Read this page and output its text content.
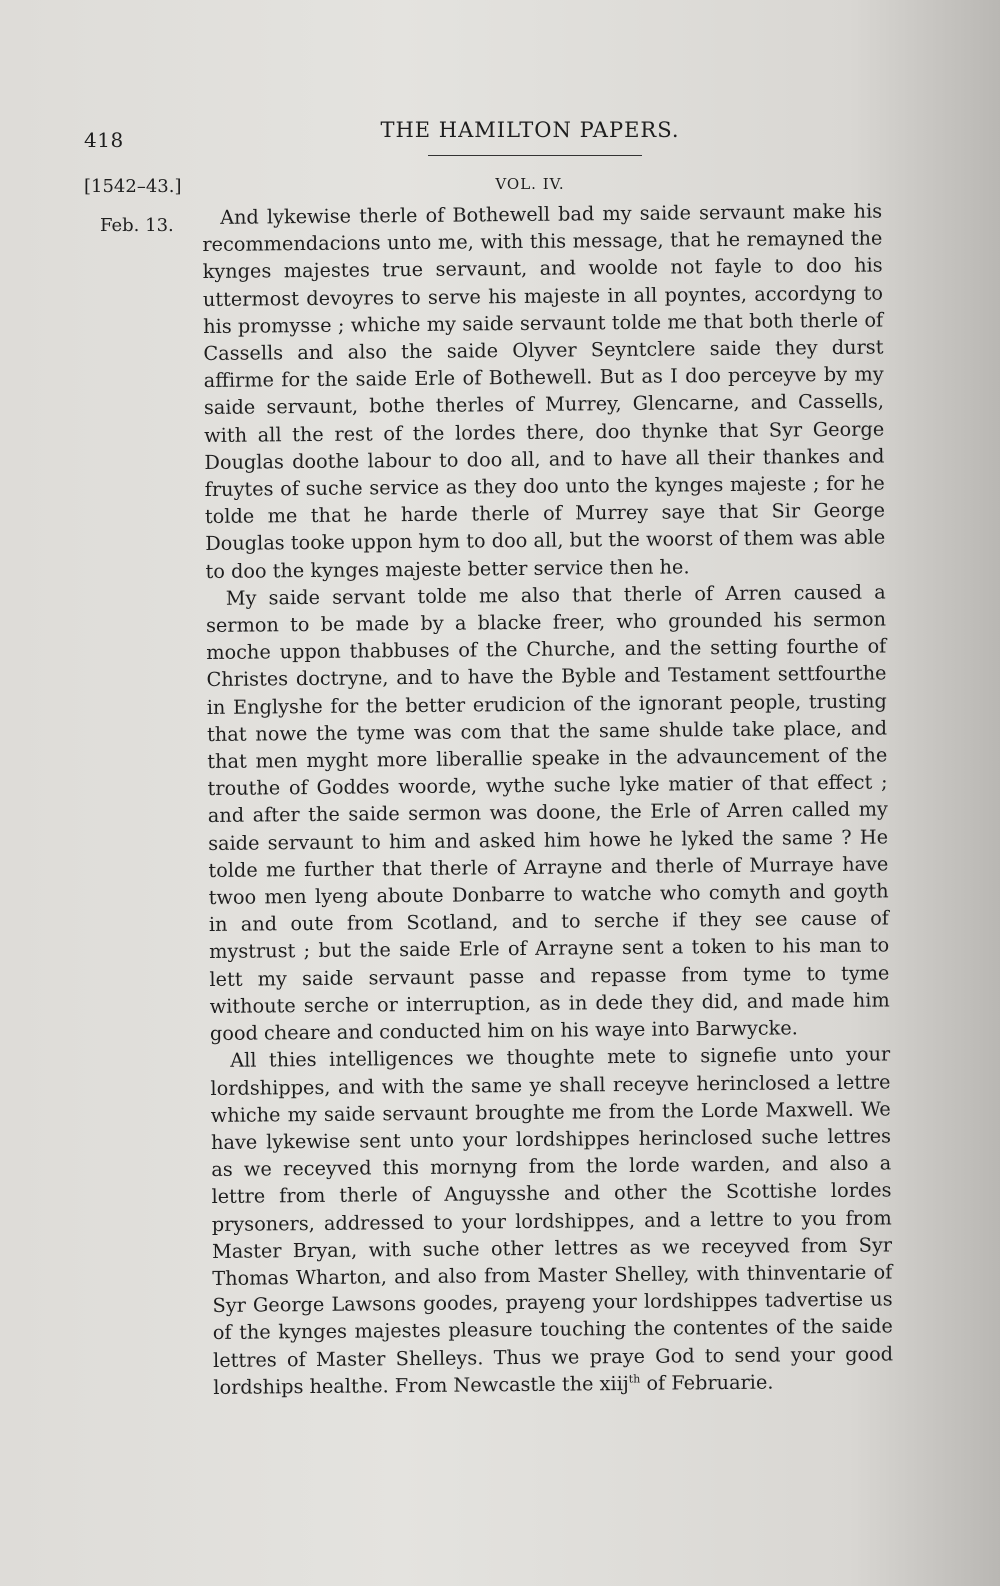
418	THE HAMILTON PAPERS.
VOL. IV.
[1542–43.]
Feb. 13.	And lykewise therle of Bothewell bad my saide servaunt make his recommendacions unto me, with this message, that he remayned the kynges majestes true servaunt, and woolde not fayle to doo his uttermost devoyres to serve his majeste in all poyntes, accordyng to his promysse ; whiche my saide servaunt tolde me that both therle of Cassells and also the saide Olyver Seyntclere saide they durst affirme for the saide Erle of Bothewell. But as I doo perceyve by my saide servaunt, bothe therles of Murrey, Glencarne, and Cassells, with all the rest of the lordes there, doo thynke that Syr George Douglas doothe labour to doo all, and to have all their thankes and fruytes of suche service as they doo unto the kynges majeste ; for he tolde me that he harde therle of Murrey saye that Sir George Douglas tooke uppon hym to doo all, but the woorst of them was able to doo the kynges majeste better service then he.

My saide servant tolde me also that therle of Arren caused a sermon to be made by a blacke freer, who grounded his sermon moche uppon thabbuses of the Churche, and the setting fourthe of Christes doctryne, and to have the Byble and Testament settfourthe in Englyshe for the better erudicion of the ignorant people, trusting that nowe the tyme was com that the same shulde take place, and that men myght more liberallie speake in the advauncement of the trouthe of Goddes woorde, wythe suche lyke matier of that effect ; and after the saide sermon was doone, the Erle of Arren called my saide servaunt to him and asked him howe he lyked the same ? He tolde me further that therle of Arrayne and therle of Murraye have twoo men lyeng aboute Donbarre to watche who comyth and goyth in and oute from Scotland, and to serche if they see cause of mystrust ; but the saide Erle of Arrayne sent a token to his man to lett my saide servaunt passe and repasse from tyme to tyme withoute serche or interruption, as in dede they did, and made him good cheare and conducted him on his waye into Barwycke.

All thies intelligences we thoughte mete to signefie unto your lordshippes, and with the same ye shall receyve herinclosed a lettre whiche my saide servaunt broughte me from the Lorde Maxwell. We have lykewise sent unto your lordshippes herinclosed suche lettres as we receyved this mornyng from the lorde warden, and also a lettre from therle of Anguysshe and other the Scottishe lordes prysoners, addressed to your lordshippes, and a lettre to you from Master Bryan, with suche other lettres as we receyved from Syr Thomas Wharton, and also from Master Shelley, with thinventarie of Syr George Lawsons goodes, prayeng your lordshippes tadvertise us of the kynges majestes pleasure touching the contentes of the saide lettres of Master Shelleys. Thus we praye God to send your good lordships healthe. From Newcastle the xiij$^{th}$ of Februarie.
